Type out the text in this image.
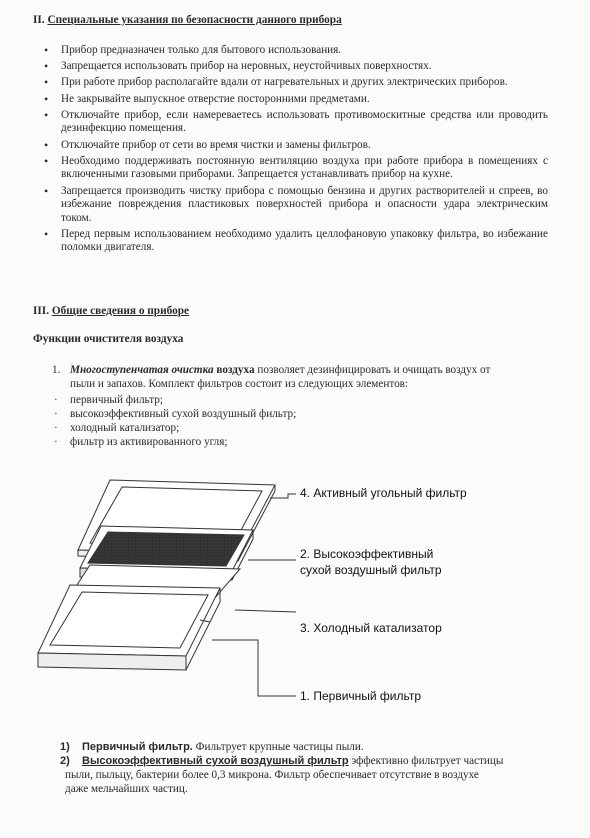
II. Специальные указания по безопасности данного прибора
• Прибор предназначен только для бытового использования.
• Запрещается использовать прибор на неровных, неустойчивых поверхностях.
• При работе прибор располагайте вдали от нагревательных и других электрических приборов.
• Не закрывайте выпускное отверстие посторонними предметами.
• Отключайте прибор, если намереваетесь использовать противомоскитные средства или проводить дезинфекцию помещения.
• Отключайте прибор от сети во время чистки и замены фильтров.
• Необходимо поддерживать постоянную вентиляцию воздуха при работе прибора в помещениях с включенными газовыми приборами. Запрещается устанавливать прибор на кухне.
• Запрещается производить чистку прибора с помощью бензина и других растворителей и спреев, во избежание повреждения пластиковых поверхностей прибора и опасности удара электрическим током.
• Перед первым использованием необходимо удалить целлофановую упаковку фильтра, во избежание поломки двигателя.
III. Общие сведения о приборе
Функции очистителя воздуха

1. Многоступенчатая очистка воздуха позволяет дезинфицировать и очищать воздух от
пыли и запахов. Комплект фильтров состоит из следующих элементов:

· первичный фильтр;
· высокоэффективный сухой воздушный фильтр;
· холодный катализатор;
· фильтр из активированного угля;
4. Активный угольный фильтр
2. Высокоэффективный
сухой воздушный фильтр
3. Холодный катализатор
1. Первичный фильтр
1) Первичный фильтр. Фильтрует крупные частицы пыли.
2) Высокоэффективный сухой воздушный фильтр эффективно фильтрует частицы
пыли, пыльцу, бактерии более 0,3 микрона. Фильтр обеспечивает отсутствие в воздухе
даже мельчайших частиц.
